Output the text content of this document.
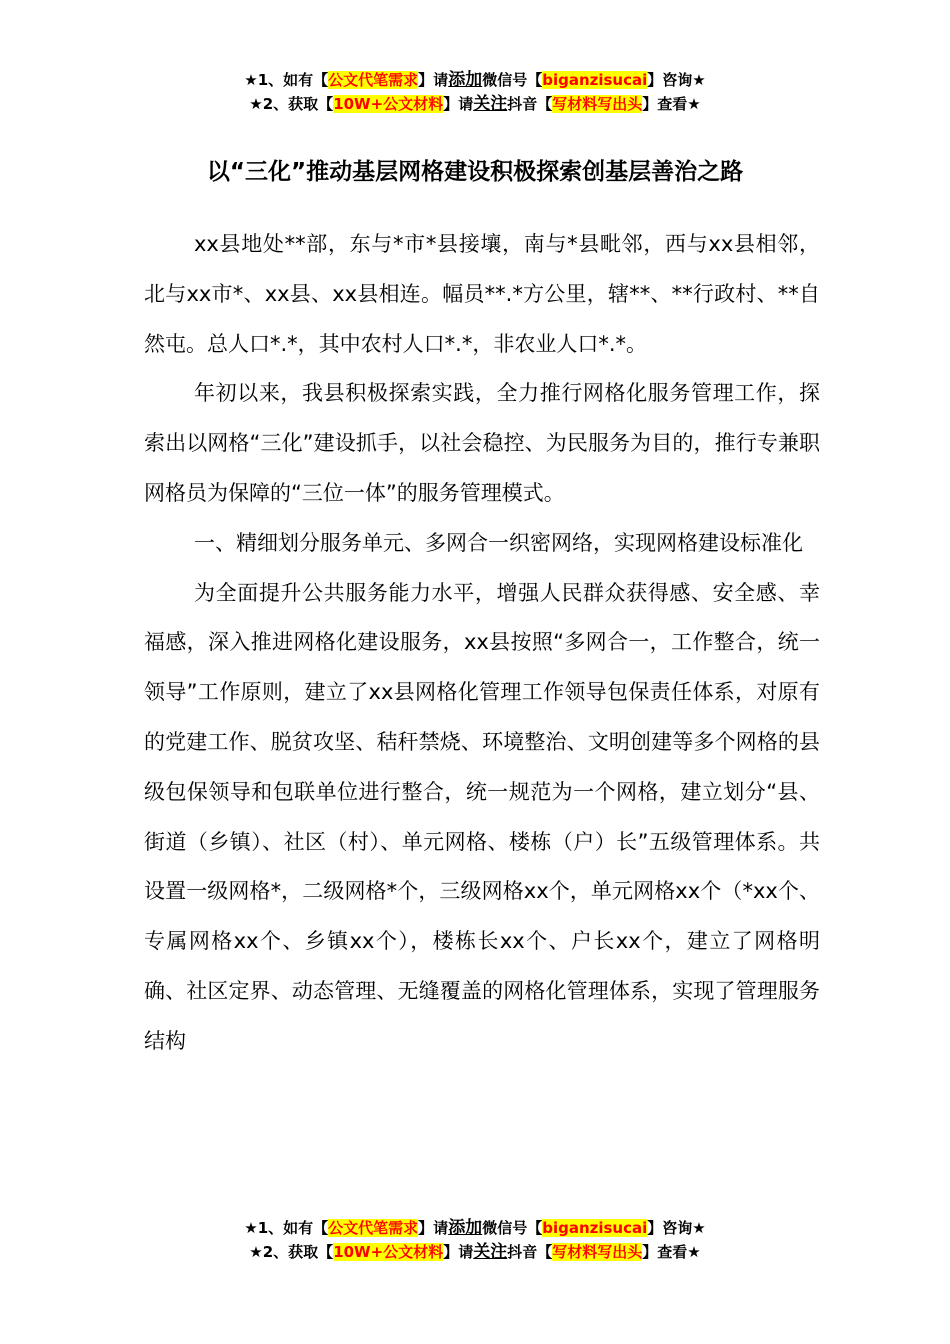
★1、如有【公文代笔需求】请添加微信号【biganzisucai】咨询★
★2、获取【10W+公文材料】请关注抖音【写材料写出头】查看★
以“三化”推动基层网格建设积极探索创基层善治之路

xx县地处**部，东与*市*县接壤，南与*县毗邻，西与xx县相邻，北与xx市*、xx县、xx县相连。幅员**.*方公里，辖**、**行政村、**自然屯。总人口*.*，其中农村人口*.*，非农业人口*.*。

年初以来，我县积极探索实践，全力推行网格化服务管理工作，探索出以网格“三化”建设抓手，以社会稳控、为民服务为目的，推行专兼职网格员为保障的“三位一体”的服务管理模式。

一、精细划分服务单元、多网合一织密网络，实现网格建设标准化

为全面提升公共服务能力水平，增强人民群众获得感、安全感、幸福感，深入推进网格化建设服务，xx县按照“多网合一，工作整合，统一领导”工作原则，建立了xx县网格化管理工作领导包保责任体系，对原有的党建工作、脱贫攻坚、秸秆禁烧、环境整治、文明创建等多个网格的县级包保领导和包联单位进行整合，统一规范为一个网格，建立划分“县、街道（乡镇）、社区（村）、单元网格、楼栋（户）长”五级管理体系。共设置一级网格*，二级网格*个，三级网格xx个，单元网格xx个（*xx个、专属网格xx个、乡镇xx个），楼栋长xx个、户长xx个，建立了网格明确、社区定界、动态管理、无缝覆盖的网格化管理体系，实现了管理服务结构

★1、如有【公文代笔需求】请添加微信号【biganzisucai】咨询★
★2、获取【10W+公文材料】请关注抖音【写材料写出头】查看★
